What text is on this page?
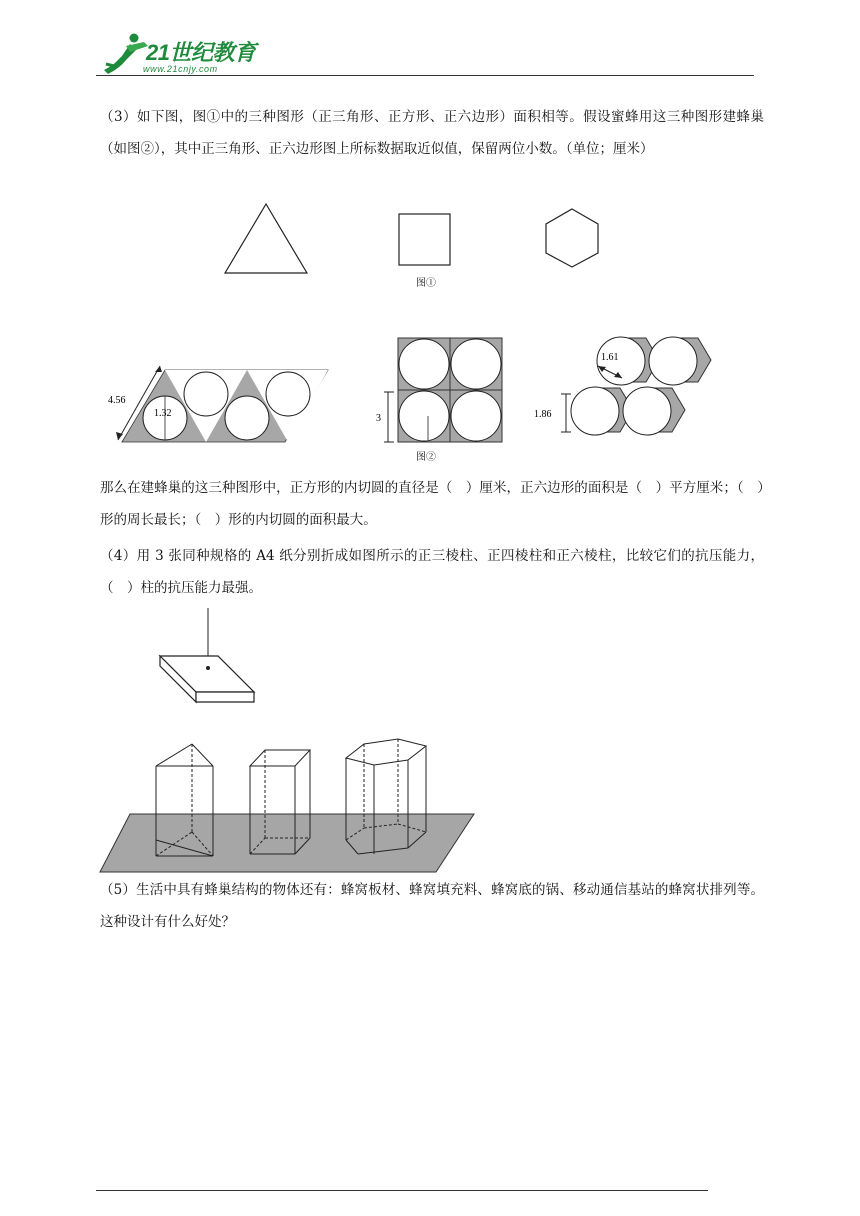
21世纪教育
www.21cnjy.com
（3）如下图，图①中的三种图形（正三角形、正方形、正六边形）面积相等。假设蜜蜂用这三种图形建蜂巢（如图②），其中正三角形、正六边形图上所标数据取近似值，保留两位小数。（单位；厘米）
图①
4.56
1.32	3
1.61
1.86
图②
那么在建蜂巢的这三种图形中，正方形的内切圆的直径是（　）厘米，正六边形的面积是（　）平方厘米；（　）形的周长最长；（　）形的内切圆的面积最大。
（4）用 3 张同种规格的 A4 纸分别折成如图所示的正三棱柱、正四棱柱和正六棱柱，比较它们的抗压能力，（　）柱的抗压能力最强。
（5）生活中具有蜂巢结构的物体还有：蜂窝板材、蜂窝填充料、蜂窝底的锅、移动通信基站的蜂窝状排列等。这种设计有什么好处？
